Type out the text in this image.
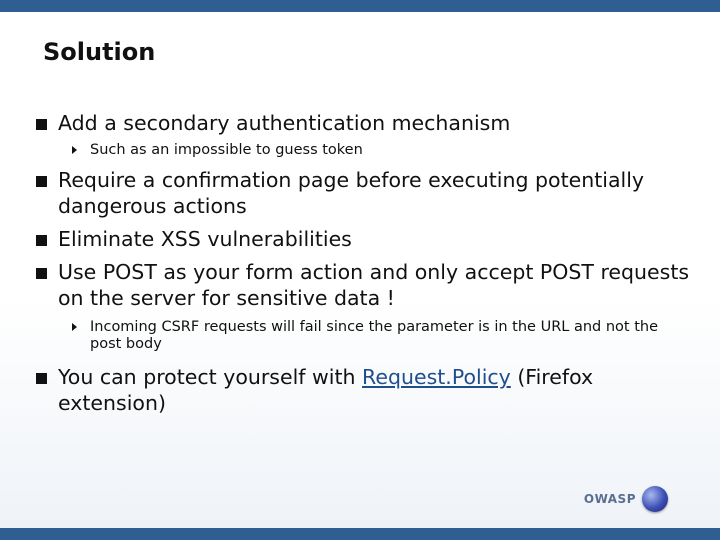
Solution
Add a secondary authentication mechanism
Such as an impossible to guess token
Require a confirmation page before executing potentially dangerous actions
Eliminate XSS vulnerabilities
Use POST as your form action and only accept POST requests on the server for sensitive data !
Incoming CSRF requests will fail since the parameter is in the URL and not the post body
You can protect yourself with Request.Policy (Firefox extension)
OWASP
